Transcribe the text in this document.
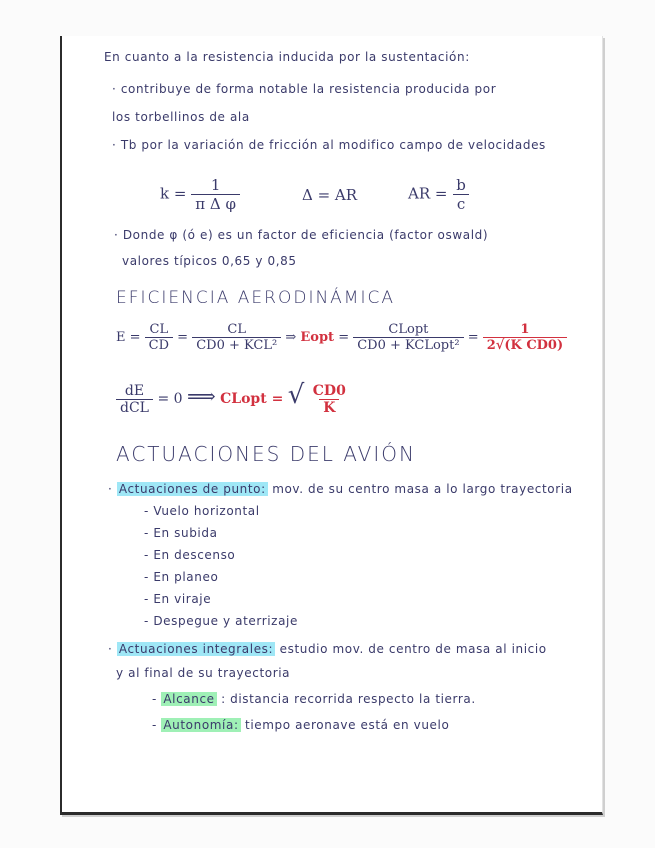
En cuanto a la resistencia inducida por la sustentación:
· contribuye de forma notable la resistencia producida por
los torbellinos de ala
· Tb por la variación de fricción al modifico campo de velocidades
$k = \frac{1}{\text{π Δ φ}}$	Δ = AR	AR = $\frac{b}{c}$
· Donde φ (ó e) es un factor de eficiencia (factor oswald)
valores típicos 0,65 y 0,85
EFICIENCIA AERODINÁMICA
$E = \frac{CL}{CD} = \frac{CL}{\text{CD0 + KCL²}}$ ⇒ Eopt = $\frac{\text{CLopt}}{\text{CD0 + KCLopt²}} = \frac{1}{\text{2√(K CD0)}}$
$\frac{dE}{\text{dCL}} = 0$ ⟹ CLopt = √ $\frac{CD0}{K}$
ACTUACIONES DEL AVIÓN
· Actuaciones de punto: mov. de su centro masa a lo largo trayectoria
- Vuelo horizontal
- En subida
- En descenso
- En planeo
- En viraje
- Despegue y aterrizaje
· Actuaciones integrales: estudio mov. de centro de masa al inicio
y al final de su trayectoria
- Alcance : distancia recorrida respecto la tierra.
- Autonomía: tiempo aeronave está en vuelo
